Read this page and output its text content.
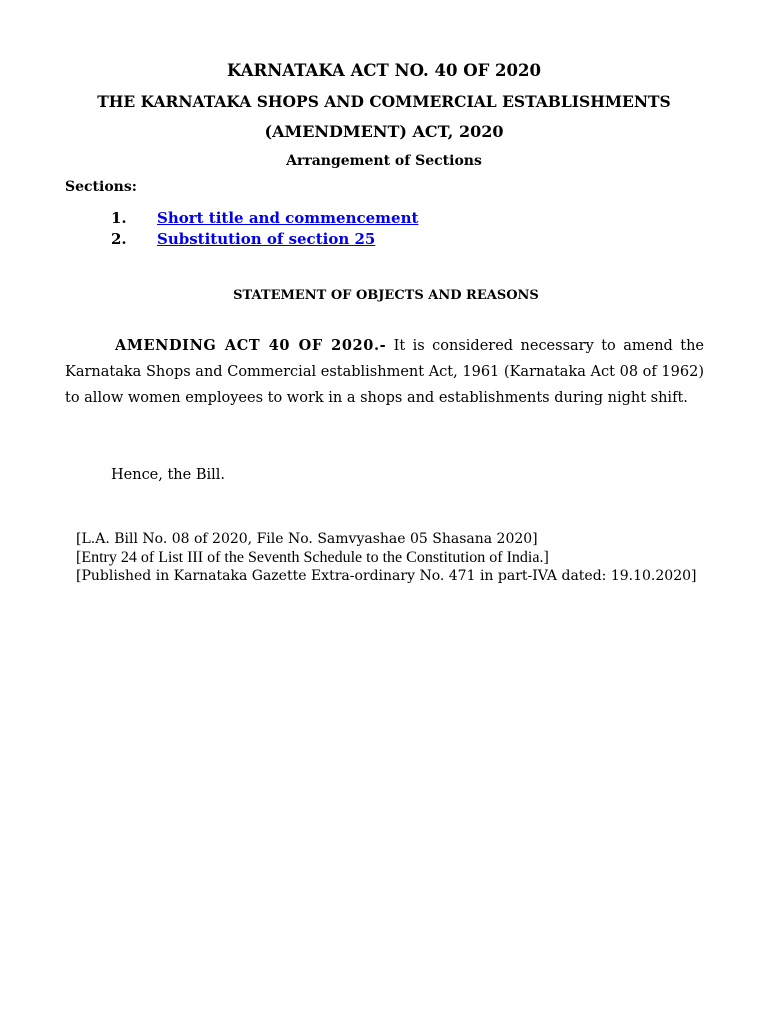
KARNATAKA ACT NO. 40 OF 2020
THE KARNATAKA SHOPS AND COMMERCIAL ESTABLISHMENTS
(AMENDMENT) ACT, 2020
Arrangement of Sections
Sections:
1.	Short title and commencement
2.	Substitution of section 25
STATEMENT OF OBJECTS AND REASONS
AMENDING ACT 40 OF 2020.- It is considered necessary to amend the Karnataka Shops and Commercial establishment Act, 1961 (Karnataka Act 08 of 1962) to allow women employees to work in a shops and establishments during night shift.
Hence, the Bill.
[L.A. Bill No. 08 of 2020, File No. Samvyashae 05 Shasana 2020]
[Entry 24 of List III of the Seventh Schedule to the Constitution of India.]
[Published in Karnataka Gazette Extra-ordinary No. 471 in part-IVA dated: 19.10.2020]
